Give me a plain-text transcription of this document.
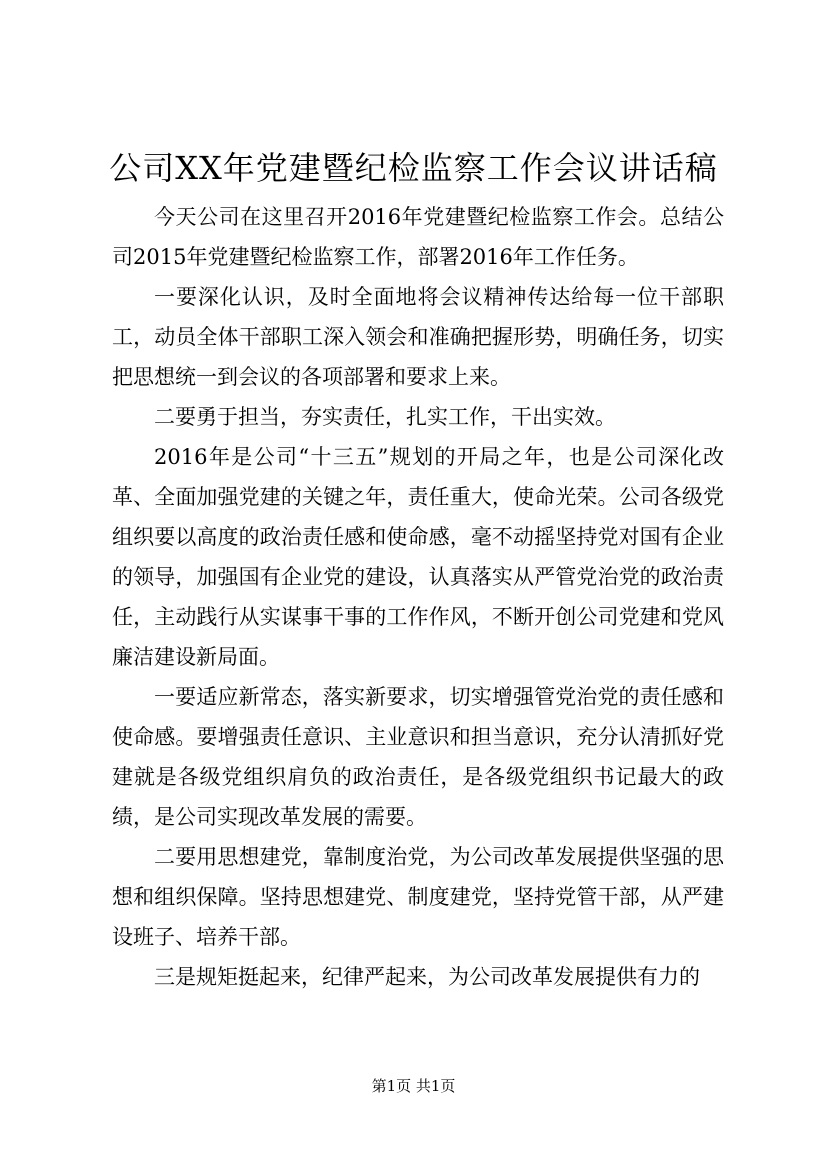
公司XX年党建暨纪检监察工作会议讲话稿

今天公司在这里召开2016年党建暨纪检监察工作会。总结公司2015年党建暨纪检监察工作，部署2016年工作任务。

一要深化认识，及时全面地将会议精神传达给每一位干部职工，动员全体干部职工深入领会和准确把握形势，明确任务，切实把思想统一到会议的各项部署和要求上来。

二要勇于担当，夯实责任，扎实工作，干出实效。

2016年是公司“十三五”规划的开局之年，也是公司深化改革、全面加强党建的关键之年，责任重大，使命光荣。公司各级党组织要以高度的政治责任感和使命感，毫不动摇坚持党对国有企业的领导，加强国有企业党的建设，认真落实从严管党治党的政治责任，主动践行从实谋事干事的工作作风，不断开创公司党建和党风廉洁建设新局面。

一要适应新常态，落实新要求，切实增强管党治党的责任感和使命感。要增强责任意识、主业意识和担当意识，充分认清抓好党建就是各级党组织肩负的政治责任，是各级党组织书记最大的政绩，是公司实现改革发展的需要。

二要用思想建党，靠制度治党，为公司改革发展提供坚强的思想和组织保障。坚持思想建党、制度建党，坚持党管干部，从严建设班子、培养干部。

三是规矩挺起来，纪律严起来，为公司改革发展提供有力的

第1页 共1页
